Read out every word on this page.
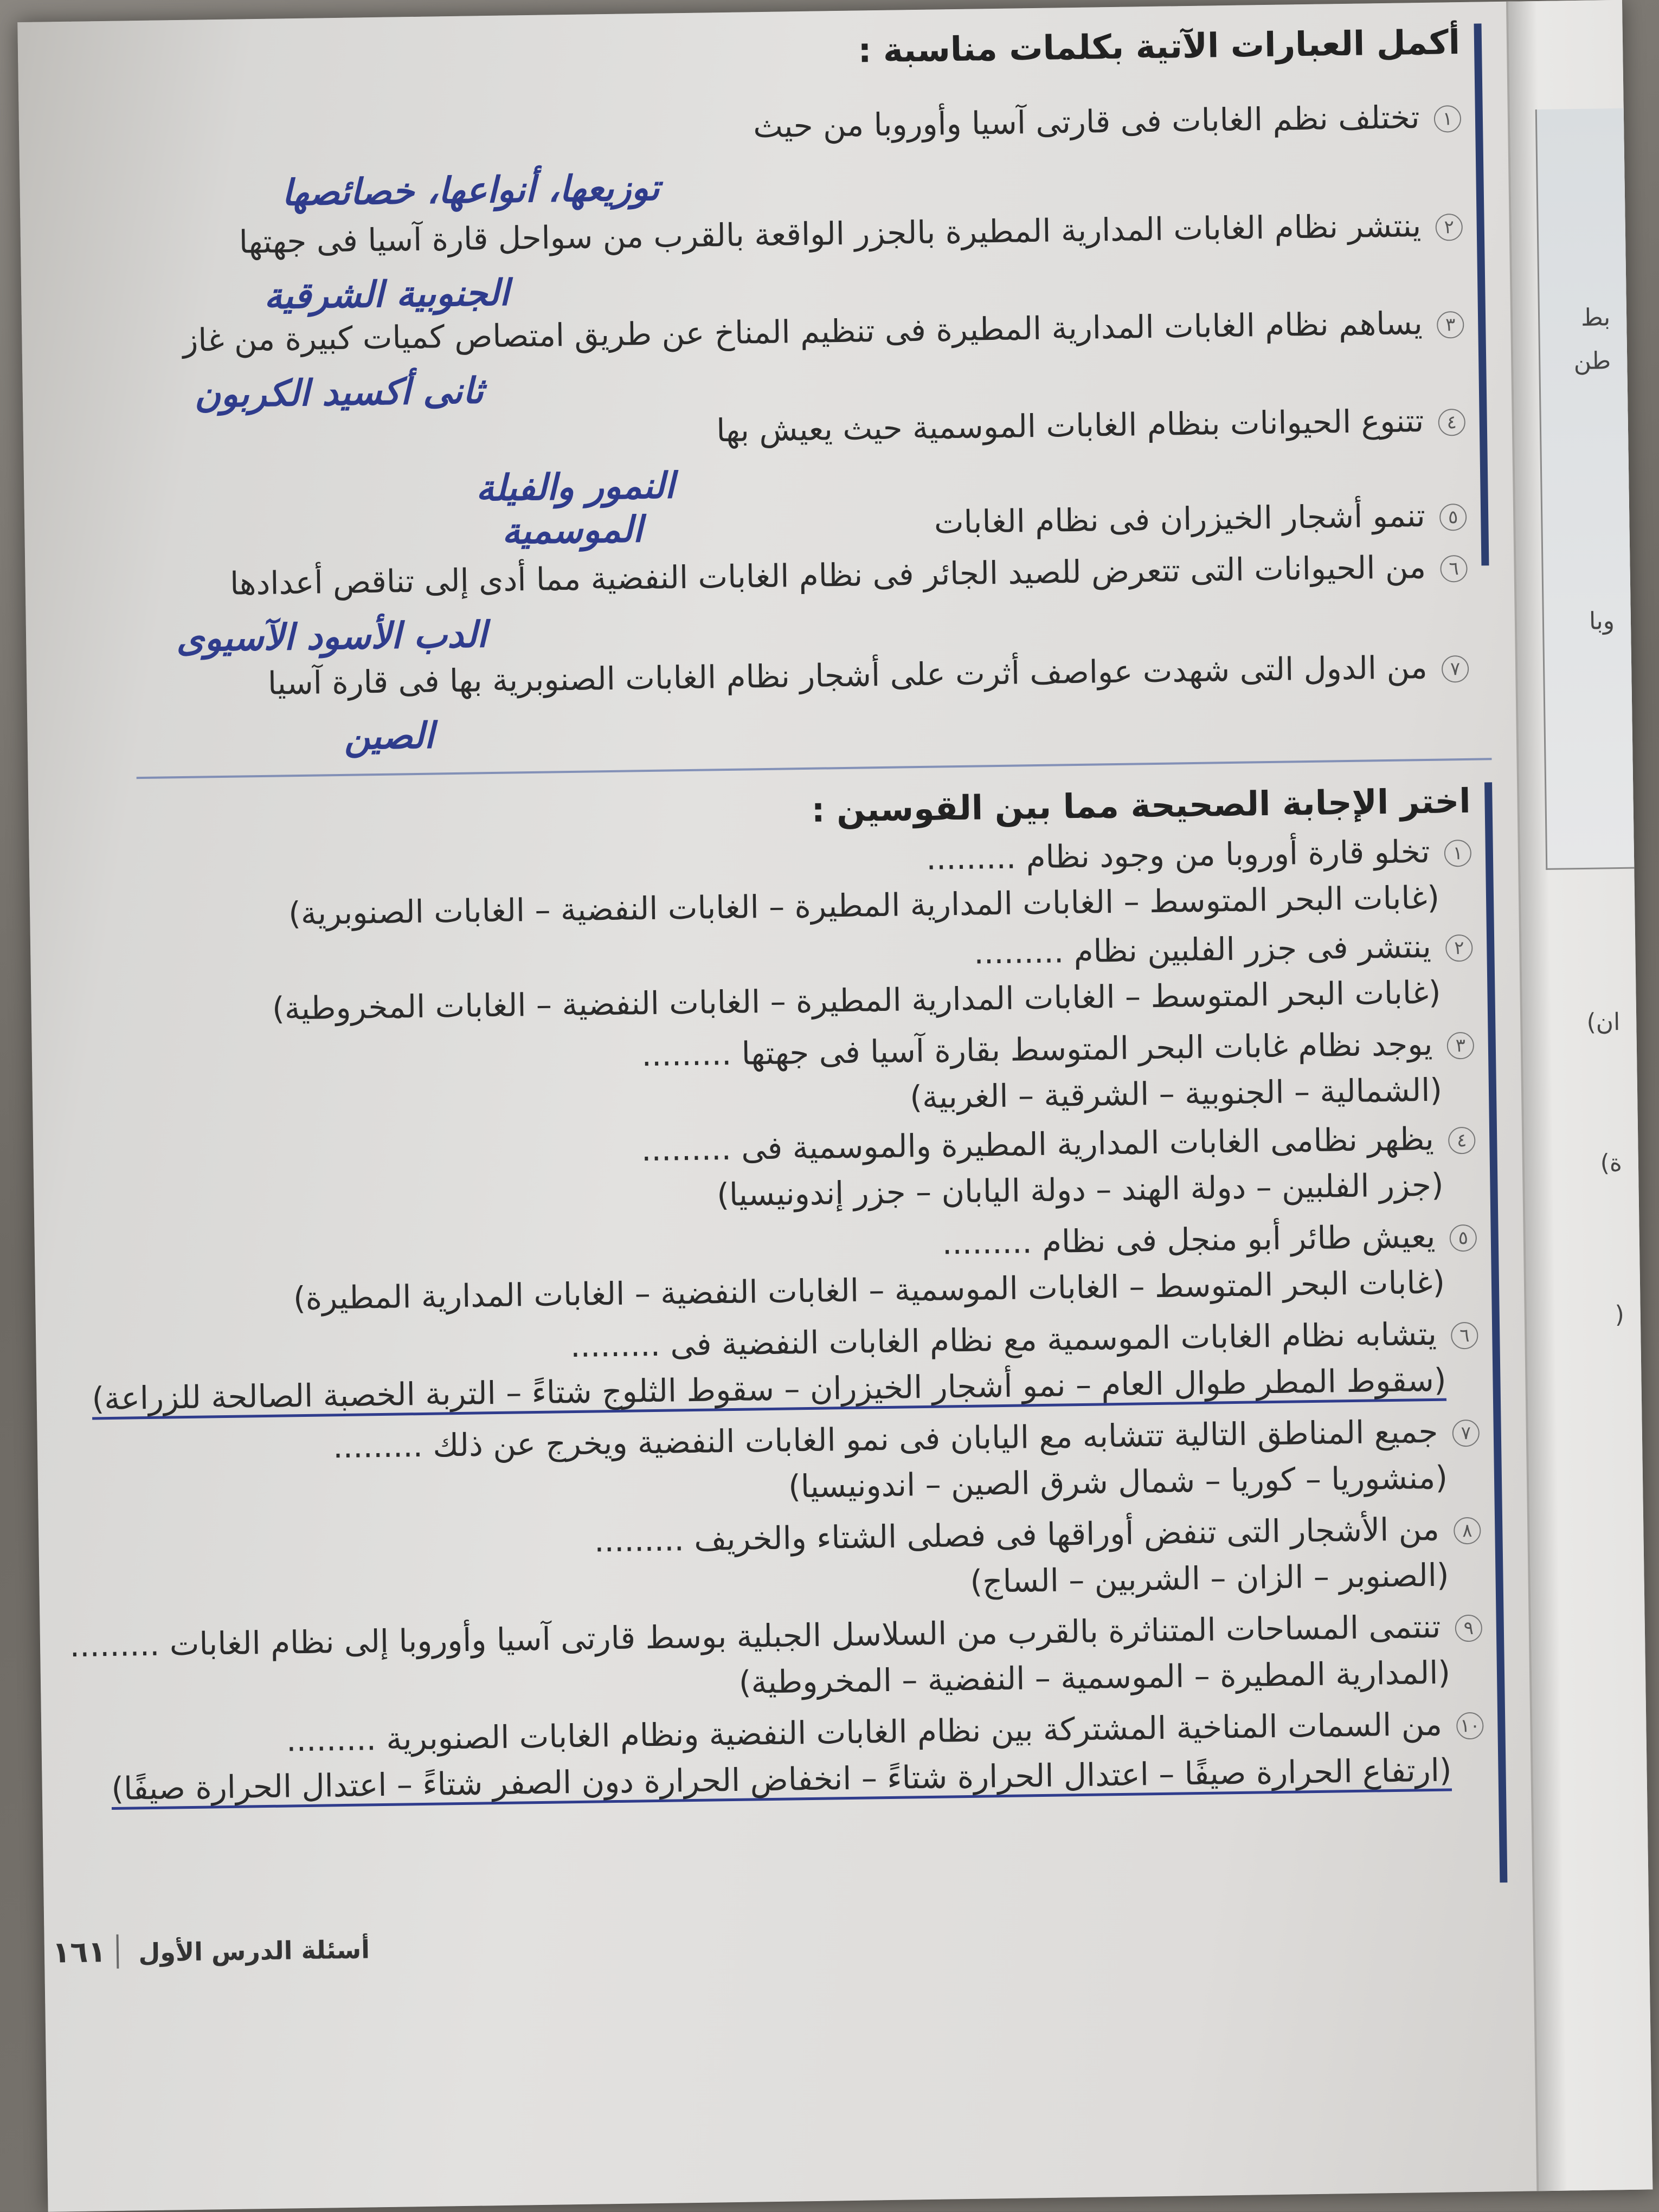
بط
طن
وبا
ان)
ة)
(
أكمل العبارات الآتية بكلمات مناسبة :
١ تختلف نظم الغابات فى قارتى آسيا وأوروبا من حيث
توزيعها، أنواعها، خصائصها
٢ ينتشر نظام الغابات المدارية المطيرة بالجزر الواقعة بالقرب من سواحل قارة آسيا فى جهتها
الجنوبية الشرقية
٣ يساهم نظام الغابات المدارية المطيرة فى تنظيم المناخ عن طريق امتصاص كميات كبيرة من غاز
ثانى أكسيد الكربون
٤ تتنوع الحيوانات بنظام الغابات الموسمية حيث يعيش بها
النمور والفيلة
٥ تنمو أشجار الخيزران فى نظام الغابات
الموسمية
٦ من الحيوانات التى تتعرض للصيد الجائر فى نظام الغابات النفضية مما أدى إلى تناقص أعدادها
الدب الأسود الآسيوى
٧ من الدول التى شهدت عواصف أثرت على أشجار نظام الغابات الصنوبرية بها فى قارة آسيا
الصين
اختر الإجابة الصحيحة مما بين القوسين :
١ تخلو قارة أوروبا من وجود نظام .........
(غابات البحر المتوسط – الغابات المدارية المطيرة – الغابات النفضية – الغابات الصنوبرية)
٢ ينتشر فى جزر الفلبين نظام .........
(غابات البحر المتوسط – الغابات المدارية المطيرة – الغابات النفضية – الغابات المخروطية)
٣ يوجد نظام غابات البحر المتوسط بقارة آسيا فى جهتها .........
(الشمالية – الجنوبية – الشرقية – الغربية)
٤ يظهر نظامى الغابات المدارية المطيرة والموسمية فى .........
(جزر الفلبين – دولة الهند – دولة اليابان – جزر إندونيسيا)
٥ يعيش طائر أبو منجل فى نظام .........
(غابات البحر المتوسط – الغابات الموسمية – الغابات النفضية – الغابات المدارية المطيرة)
٦ يتشابه نظام الغابات الموسمية مع نظام الغابات النفضية فى .........
(سقوط المطر طوال العام – نمو أشجار الخيزران – سقوط الثلوج شتاءً – التربة الخصبة الصالحة للزراعة)
٧ جميع المناطق التالية تتشابه مع اليابان فى نمو الغابات النفضية ويخرج عن ذلك .........
(منشوريا – كوريا – شمال شرق الصين – اندونيسيا)
٨ من الأشجار التى تنفض أوراقها فى فصلى الشتاء والخريف .........
(الصنوبر – الزان – الشربين – الساج)
٩ تنتمى المساحات المتناثرة بالقرب من السلاسل الجبلية بوسط قارتى آسيا وأوروبا إلى نظام الغابات .........
(المدارية المطيرة – الموسمية – النفضية – المخروطية)
١٠ من السمات المناخية المشتركة بين نظام الغابات النفضية ونظام الغابات الصنوبرية .........
(ارتفاع الحرارة صيفًا – اعتدال الحرارة شتاءً – انخفاض الحرارة دون الصفر شتاءً – اعتدال الحرارة صيفًا)
أسئلة الدرس الأول ١٦١
